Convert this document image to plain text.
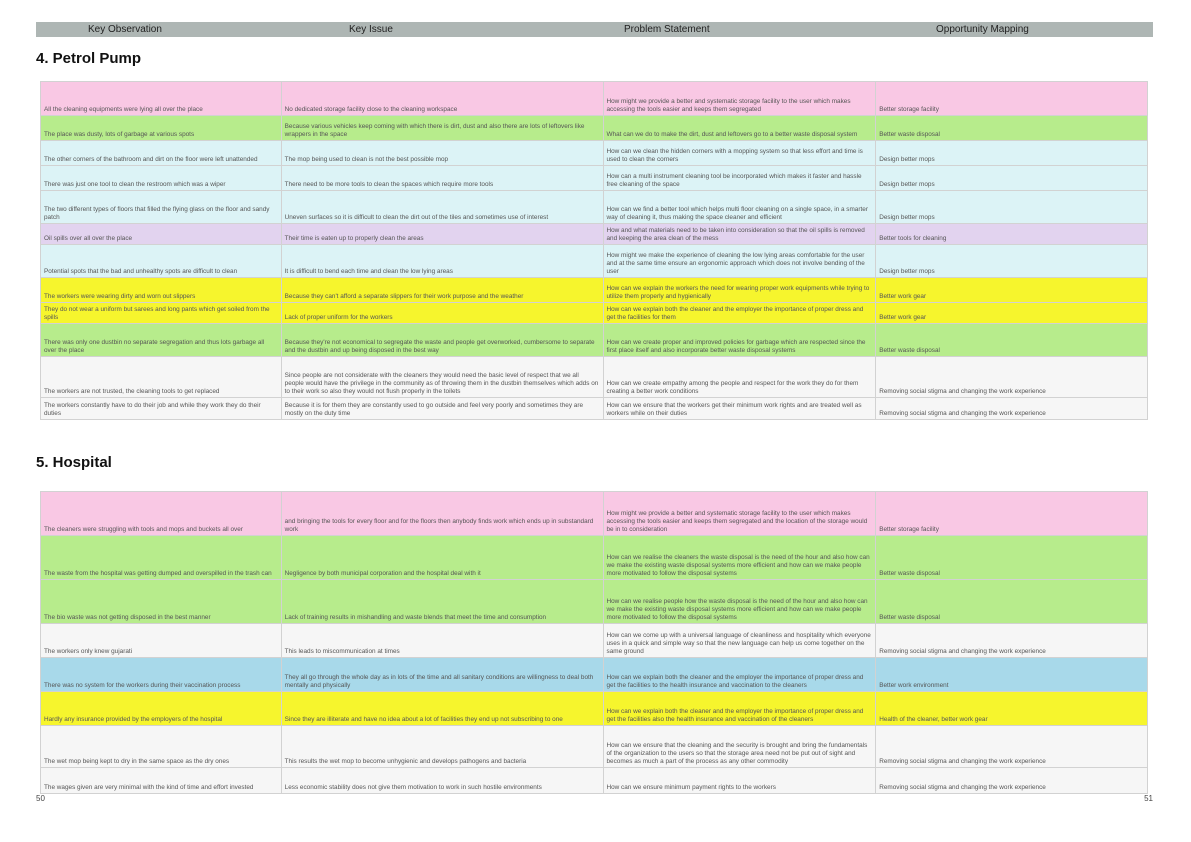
Key Observation	Key Issue	Problem Statement	Opportunity Mapping
4. Petrol Pump
All the cleaning equipments were lying all over the place	No dedicated storage facility close to the cleaning workspace	How might we provide a better and systematic storage facility to the user which makes accessing the tools easier and keeps them segregated	Better storage facility
The place was dusty, lots of garbage at various spots	Because various vehicles keep coming with which there is dirt, dust and also there are lots of leftovers like wrappers in the space	What can we do to make the dirt, dust and leftovers go to a better waste disposal system	Better waste disposal
The other corners of the bathroom and dirt on the floor were left unattended	The mop being used to clean is not the best possible mop	How can we clean the hidden corners with a mopping system so that less effort and time is used to clean the corners	Design better mops
There was just one tool to clean the restroom which was a wiper	There need to be more tools to clean the spaces which require more tools	How can a multi instrument cleaning tool be incorporated which makes it faster and hassle free cleaning of the space	Design better mops
The two different types of floors that filled the flying glass on the floor and sandy patch	Uneven surfaces so it is difficult to clean the dirt out of the tiles and sometimes use of interest	How can we find a better tool which helps multi floor cleaning on a single space, in a smarter way of cleaning it, thus making the space cleaner and efficient	Design better mops
Oil spills over all over the place	Their time is eaten up to properly clean the areas	How and what materials need to be taken into consideration so that the oil spills is removed and keeping the area clean of the mess	Better tools for cleaning
Potential spots that the bad and unhealthy spots are difficult to clean	It is difficult to bend each time and clean the low lying areas	How might we make the experience of cleaning the low lying areas comfortable for the user and at the same time ensure an ergonomic approach which does not involve bending of the user	Design better mops
The workers were wearing dirty and worn out slippers	Because they can't afford a separate slippers for their work purpose and the weather	How can we explain the workers the need for wearing proper work equipments while trying to utilize them properly and hygienically	Better work gear
They do not wear a uniform but sarees and long pants which get soiled from the spills	Lack of proper uniform for the workers	How can we explain both the cleaner and the employer the importance of proper dress and get the facilities for them	Better work gear
There was only one dustbin no separate segregation and thus lots garbage all over the place	Because they're not economical to segregate the waste and people get overworked, cumbersome to separate and the dustbin and up being disposed in the best way	How can we create proper and improved policies for garbage which are respected since the first place itself and also incorporate better waste disposal systems	Better waste disposal
The workers are not trusted, the cleaning tools to get replaced	Since people are not considerate with the cleaners they would need the basic level of respect that we all people would have the privilege in the community as of throwing them in the dustbin themselves which adds on to their work so also they would not flush properly in the toilets	How can we create empathy among the people and respect for the work they do for them creating a better work conditions	Removing social stigma and changing the work experience
The workers constantly have to do their job and while they work they do their duties	Because it is for them they are constantly used to go outside and feel very poorly and sometimes they are mostly on the duty time	How can we ensure that the workers get their minimum work rights and are treated well as workers while on their duties	Removing social stigma and changing the work experience
5. Hospital
The cleaners were struggling with tools and mops and buckets all over	and bringing the tools for every floor and for the floors then anybody finds work which ends up in substandard work	How might we provide a better and systematic storage facility to the user which makes accessing the tools easier and keeps them segregated and the location of the storage would be in to consideration	Better storage facility
The waste from the hospital was getting dumped and overspilled in the trash can	Negligence by both municipal corporation and the hospital deal with it	How can we realise the cleaners the waste disposal is the need of the hour and also how can we make the existing waste disposal systems more efficient and how can we make people more motivated to follow the disposal systems	Better waste disposal
The bio waste was not getting disposed in the best manner	Lack of training results in mishandling and waste blends that meet the time and consumption	How can we realise people how the waste disposal is the need of the hour and also how can we make the existing waste disposal systems more efficient and how can we make people more motivated to follow the disposal systems	Better waste disposal
The workers only knew gujarati	This leads to miscommunication at times	How can we come up with a universal language of cleanliness and hospitality which everyone uses in a quick and simple way so that the new language can help us come together on the same ground	Removing social stigma and changing the work experience
There was no system for the workers during their vaccination process	They all go through the whole day as in lots of the time and all sanitary conditions are willingness to deal both mentally and physically	How can we explain both the cleaner and the employer the importance of proper dress and get the facilities to the health insurance and vaccination to the cleaners	Better work environment
Hardly any insurance provided by the employers of the hospital	Since they are illiterate and have no idea about a lot of facilities they end up not subscribing to one	How can we explain both the cleaner and the employer the importance of proper dress and get the facilities also the health insurance and vaccination of the cleaners	Health of the cleaner, better work gear
The wet mop being kept to dry in the same space as the dry ones	This results the wet mop to become unhygienic and develops pathogens and bacteria	How can we ensure that the cleaning and the security is brought and bring the fundamentals of the organization to the users so that the storage area need not be put out of sight and becomes as much a part of the process as any other commodity	Removing social stigma and changing the work experience
The wages given are very minimal with the kind of time and effort invested	Less economic stability does not give them motivation to work in such hostile environments	How can we ensure minimum payment rights to the workers	Removing social stigma and changing the work experience
50	51
